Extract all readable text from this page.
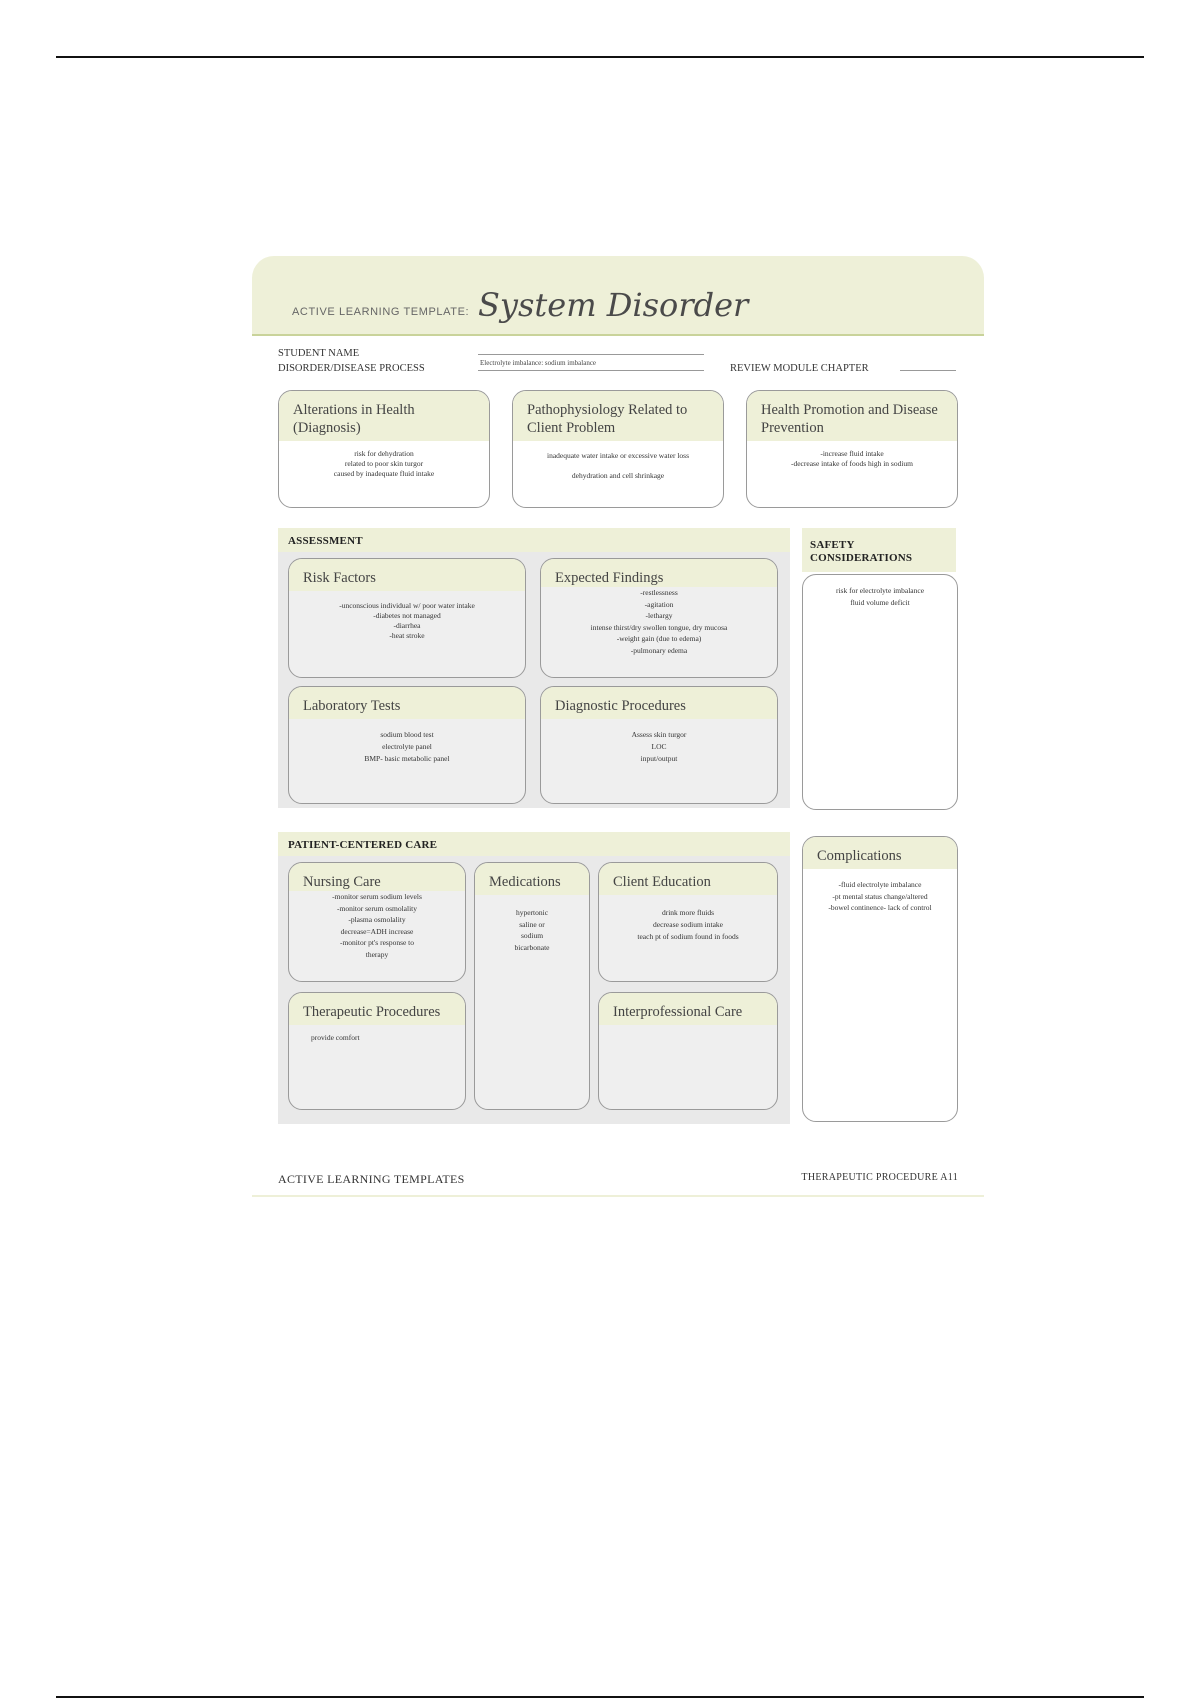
ACTIVE LEARNING TEMPLATE: System Disorder
STUDENT NAME
DISORDER/DISEASE PROCESS	Electrolyte imbalance: sodium imbalance	REVIEW MODULE CHAPTER
Alterations in Health (Diagnosis)
risk for dehydration
related to poor skin turgor
caused by inadequate fluid intake
Pathophysiology Related to Client Problem
inadequate water intake or excessive water loss
dehydration and cell shrinkage
Health Promotion and Disease Prevention
-increase fluid intake
-decrease intake of foods high in sodium
ASSESSMENT
Risk Factors
-unconscious individual w/ poor water intake
-diabetes not managed
-diarrhea
-heat stroke
Expected Findings
-restlessness
-agitation
-lethargy
intense thirst/dry swollen tongue, dry mucosa
-weight gain (due to edema)
-pulmonary edema
Laboratory Tests
sodium blood test
electrolyte panel
BMP- basic metabolic panel
Diagnostic Procedures
Assess skin turgor
LOC
input/output
SAFETY CONSIDERATIONS
risk for electrolyte imbalance
fluid volume deficit
PATIENT-CENTERED CARE
Nursing Care
-monitor serum sodium levels
-monitor serum osmolality
-plasma osmolality
decrease=ADH increase
-monitor pt's response to
therapy
Medications
hypertonic
saline or
sodium
bicarbonate
Client Education
drink more fluids
decrease sodium intake
teach pt of sodium found in foods
Therapeutic Procedures
provide comfort
Interprofessional Care
Complications
-fluid electrolyte imbalance
-pt mental status change/altered
-bowel continence- lack of control
ACTIVE LEARNING TEMPLATES	THERAPEUTIC PROCEDURE A11
